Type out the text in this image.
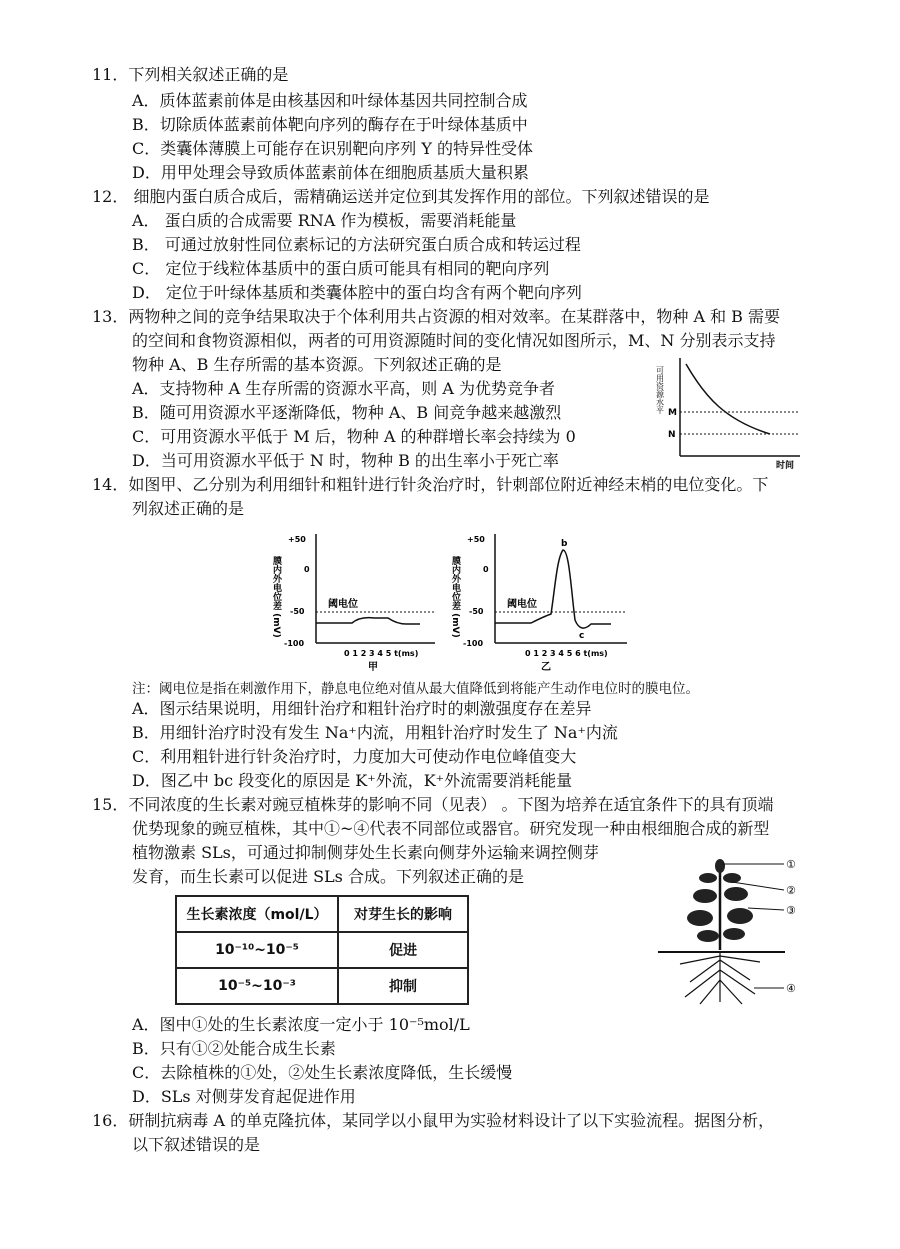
11．下列相关叙述正确的是
A．质体蓝素前体是由核基因和叶绿体基因共同控制合成
B．切除质体蓝素前体靶向序列的酶存在于叶绿体基质中
C．类囊体薄膜上可能存在识别靶向序列 Y 的特异性受体
D．用甲处理会导致质体蓝素前体在细胞质基质大量积累
12． 细胞内蛋白质合成后，需精确运送并定位到其发挥作用的部位。下列叙述错误的是
A． 蛋白质的合成需要 RNA 作为模板，需要消耗能量
B． 可通过放射性同位素标记的方法研究蛋白质合成和转运过程
C． 定位于线粒体基质中的蛋白质可能具有相同的靶向序列
D． 定位于叶绿体基质和类囊体腔中的蛋白均含有两个靶向序列
13．两物种之间的竞争结果取决于个体利用共占资源的相对效率。在某群落中，物种 A 和 B 需要
的空间和食物资源相似，两者的可用资源随时间的变化情况如图所示，M、N 分别表示支持
物种 A、B 生存所需的基本资源。下列叙述正确的是
A．支持物种 A 生存所需的资源水平高，则 A 为优势竞争者
B．随可用资源水平逐渐降低，物种 A、B 间竞争越来越激烈
C．可用资源水平低于 M 后，物种 A 的种群增长率会持续为 0
D．当可用资源水平低于 N 时，物种 B 的出生率小于死亡率
可用资源水平 M
N
时间
14．如图甲、乙分别为利用细针和粗针进行针灸治疗时，针刺部位附近神经末梢的电位变化。下
列叙述正确的是
膜内外电位差 (mV)
+50
0
-50
-100
阈电位
0 1 2 3 4 5 t(ms)
甲
膜内外电位差 (mV)
+50
0
-50
-100
阈电位
b
c
0 1 2 3 4 5 6 t(ms)
乙
注：阈电位是指在刺激作用下，静息电位绝对值从最大值降低到将能产生动作电位时的膜电位。
A．图示结果说明，用细针治疗和粗针治疗时的刺激强度存在差异
B．用细针治疗时没有发生 Na⁺内流，用粗针治疗时发生了 Na⁺内流
C．利用粗针进行针灸治疗时，力度加大可使动作电位峰值变大
D．图乙中 bc 段变化的原因是 K⁺外流，K⁺外流需要消耗能量
15．不同浓度的生长素对豌豆植株芽的影响不同（见表） 。下图为培养在适宜条件下的具有顶端
优势现象的豌豆植株，其中①~④代表不同部位或器官。研究发现一种由根细胞合成的新型
植物激素 SLs，可通过抑制侧芽处生长素向侧芽外运输来调控侧芽
发育，而生长素可以促进 SLs 合成。下列叙述正确的是
生长素浓度（mol/L）	对芽生长的影响
10⁻¹⁰~10⁻⁵	促进
10⁻⁵~10⁻³	抑制
①
②
③
④
A．图中①处的生长素浓度一定小于 10⁻⁵mol/L
B．只有①②处能合成生长素
C．去除植株的①处，②处生长素浓度降低，生长缓慢
D．SLs 对侧芽发育起促进作用
16．研制抗病毒 A 的单克隆抗体，某同学以小鼠甲为实验材料设计了以下实验流程。据图分析，
以下叙述错误的是
